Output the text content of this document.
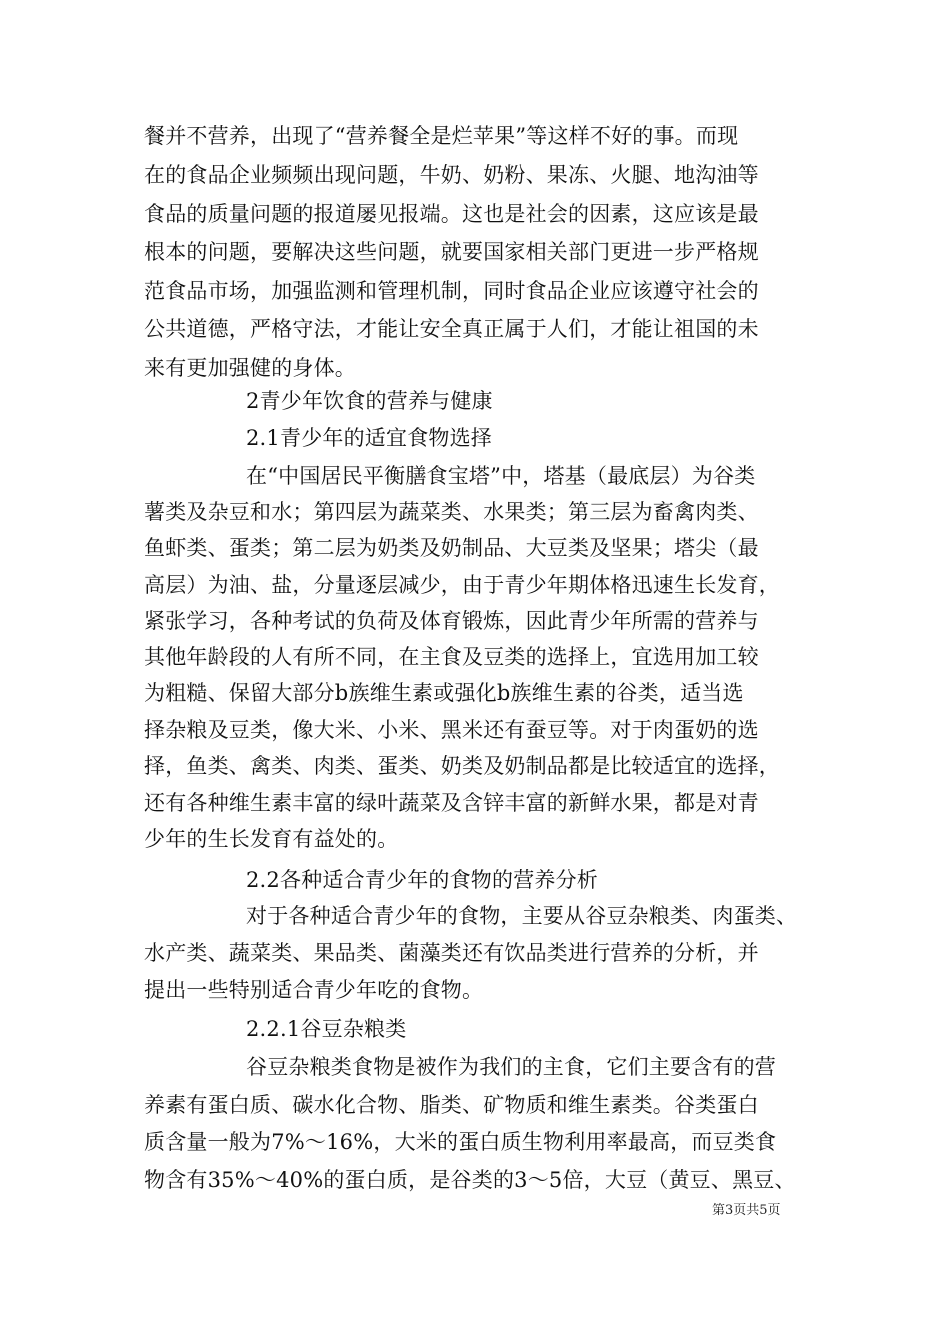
餐并不营养，出现了“营养餐全是烂苹果”等这样不好的事。而现
在的食品企业频频出现问题，牛奶、奶粉、果冻、火腿、地沟油等
食品的质量问题的报道屡见报端。这也是社会的因素，这应该是最
根本的问题，要解决这些问题，就要国家相关部门更进一步严格规
范食品市场，加强监测和管理机制，同时食品企业应该遵守社会的
公共道德，严格守法，才能让安全真正属于人们，才能让祖国的未
来有更加强健的身体。
2青少年饮食的营养与健康
2.1青少年的适宜食物选择
在“中国居民平衡膳食宝塔”中，塔基（最底层）为谷类
薯类及杂豆和水；第四层为蔬菜类、水果类；第三层为畜禽肉类、
鱼虾类、蛋类；第二层为奶类及奶制品、大豆类及坚果；塔尖（最
高层）为油、盐，分量逐层减少，由于青少年期体格迅速生长发育，
紧张学习，各种考试的负荷及体育锻炼，因此青少年所需的营养与
其他年龄段的人有所不同，在主食及豆类的选择上，宜选用加工较
为粗糙、保留大部分b族维生素或强化b族维生素的谷类，适当选
择杂粮及豆类，像大米、小米、黑米还有蚕豆等。对于肉蛋奶的选
择，鱼类、禽类、肉类、蛋类、奶类及奶制品都是比较适宜的选择，
还有各种维生素丰富的绿叶蔬菜及含锌丰富的新鲜水果，都是对青
少年的生长发育有益处的。
2.2各种适合青少年的食物的营养分析
对于各种适合青少年的食物，主要从谷豆杂粮类、肉蛋类、
水产类、蔬菜类、果品类、菌藻类还有饮品类进行营养的分析，并
提出一些特别适合青少年吃的食物。
2.2.1谷豆杂粮类
谷豆杂粮类食物是被作为我们的主食，它们主要含有的营
养素有蛋白质、碳水化合物、脂类、矿物质和维生素类。谷类蛋白
质含量一般为7%～16%，大米的蛋白质生物利用率最高，而豆类食
物含有35%～40%的蛋白质，是谷类的3～5倍，大豆（黄豆、黑豆、
第3页共5页
